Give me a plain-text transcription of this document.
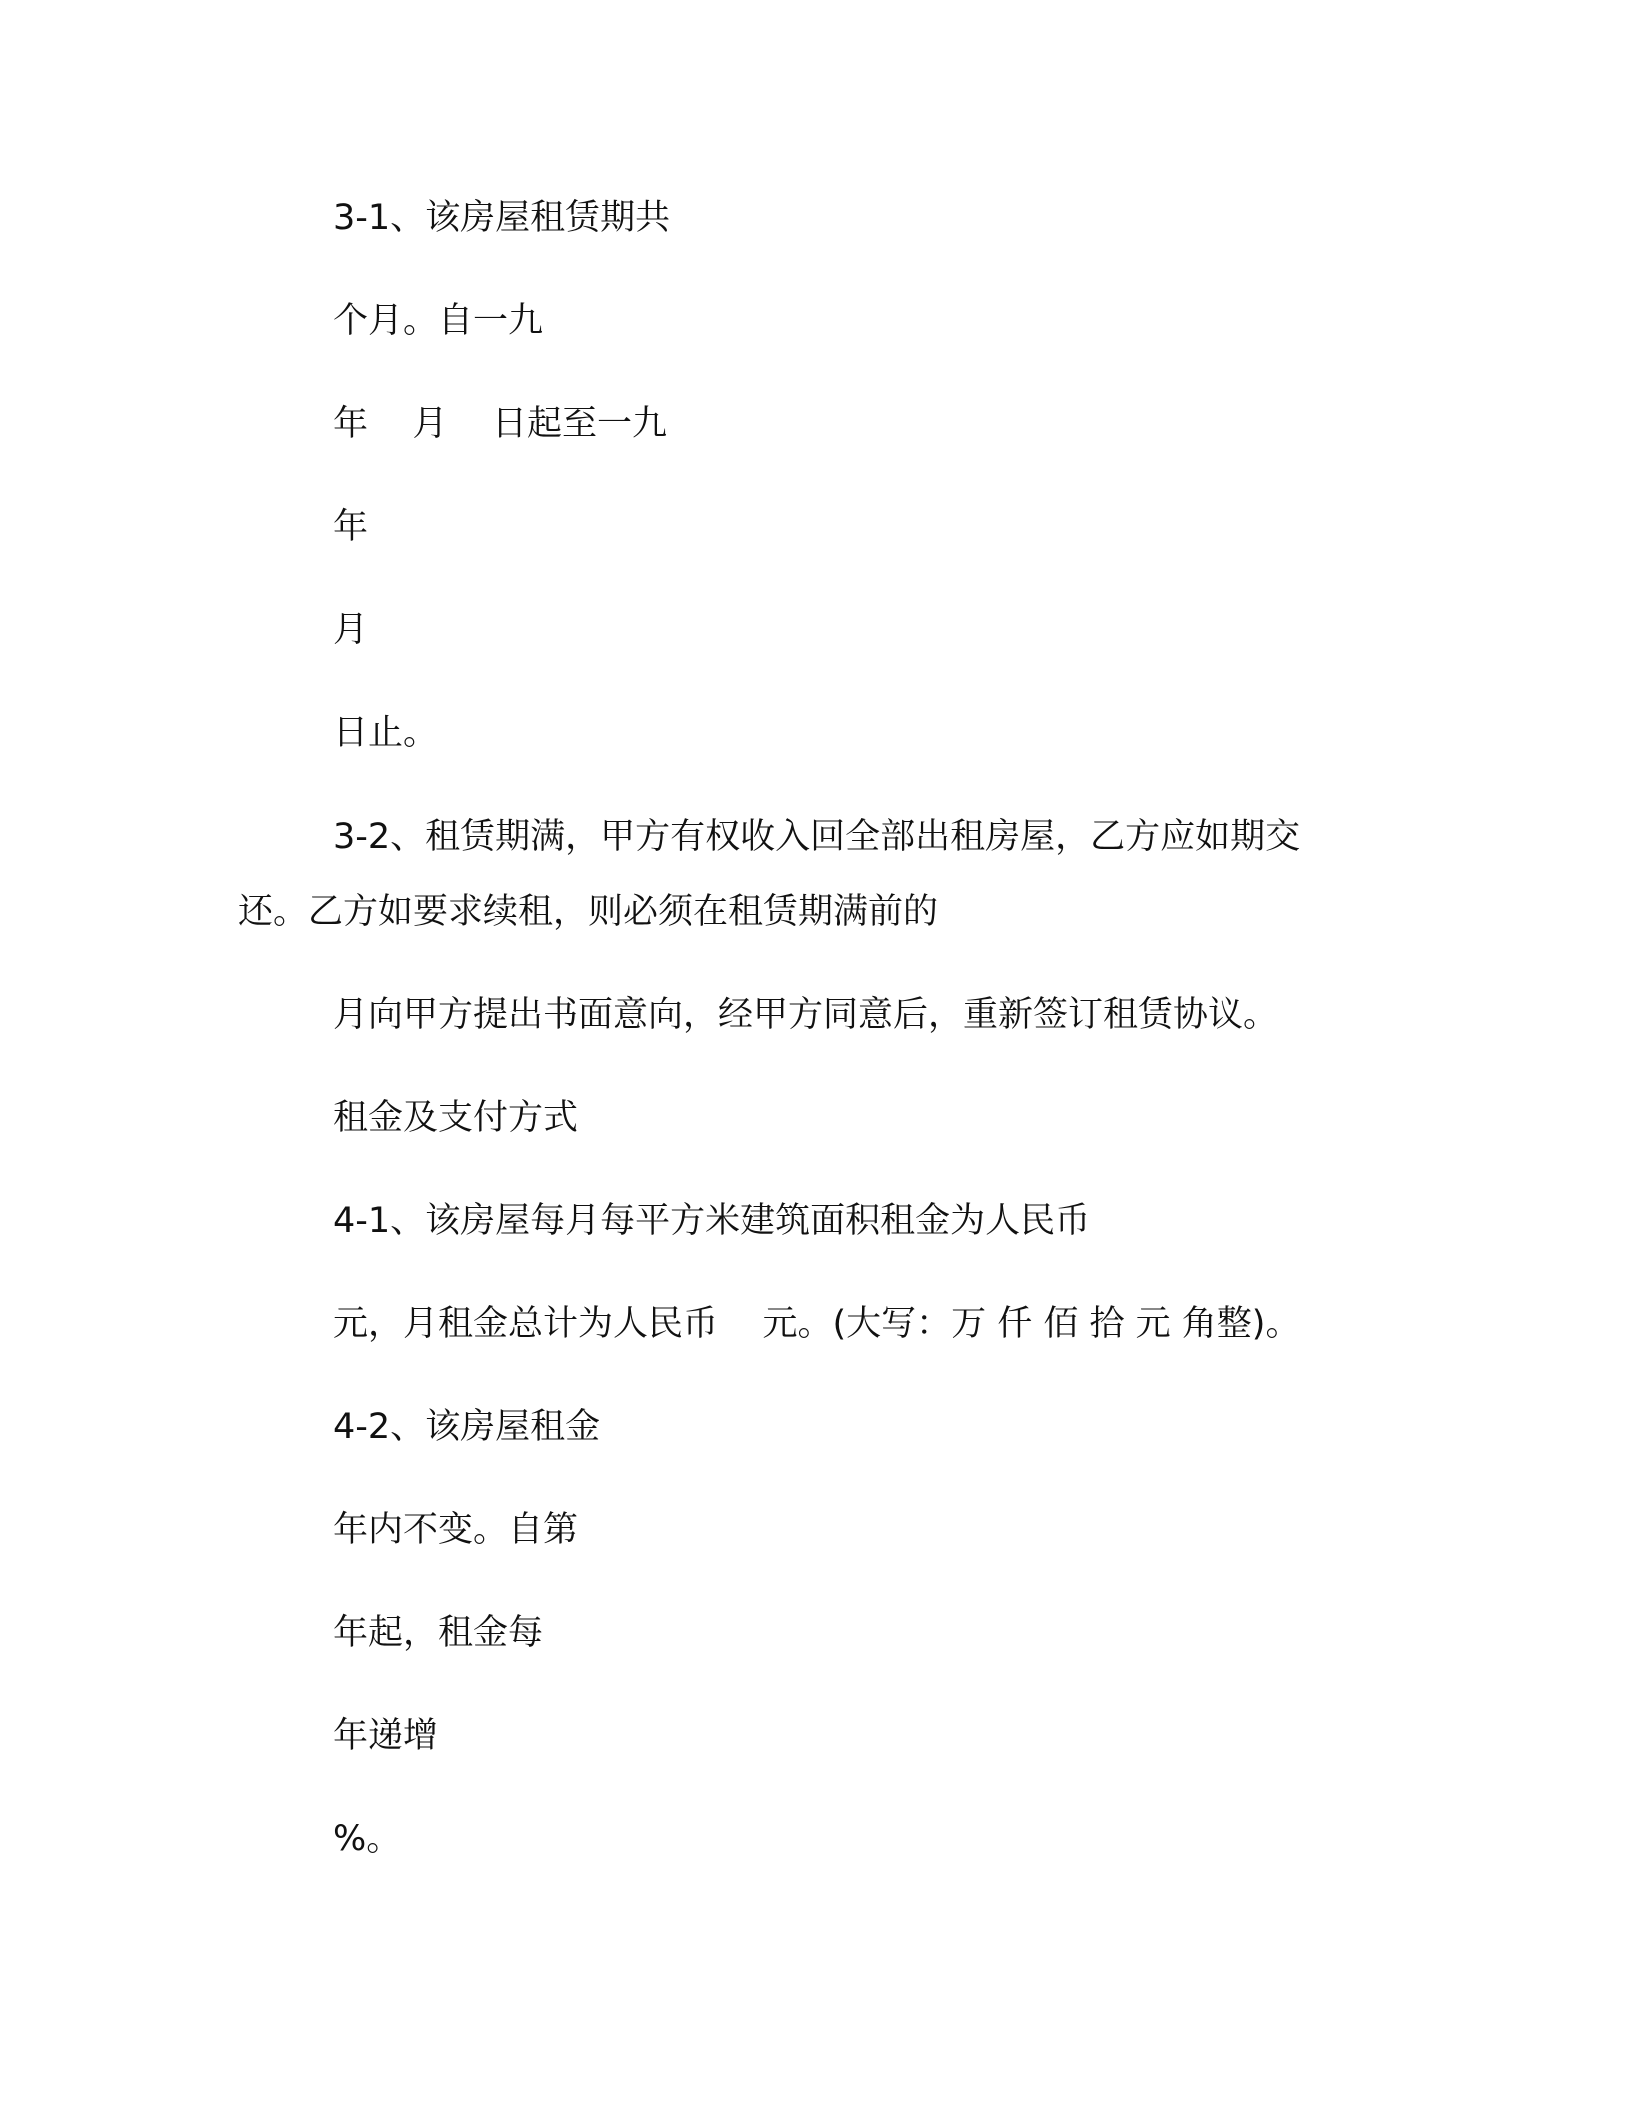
3-1、该房屋租赁期共

个月。自一九

年    月    日起至一九

年

月

日止。

3-2、租赁期满，甲方有权收入回全部出租房屋，乙方应如期交

还。乙方如要求续租，则必须在租赁期满前的

月向甲方提出书面意向，经甲方同意后，重新签订租赁协议。

租金及支付方式

4-1、该房屋每月每平方米建筑面积租金为人民币

元，月租金总计为人民币    元。(大写：万 仟 佰 拾 元 角整)。

4-2、该房屋租金

年内不变。自第

年起，租金每

年递增

%。
